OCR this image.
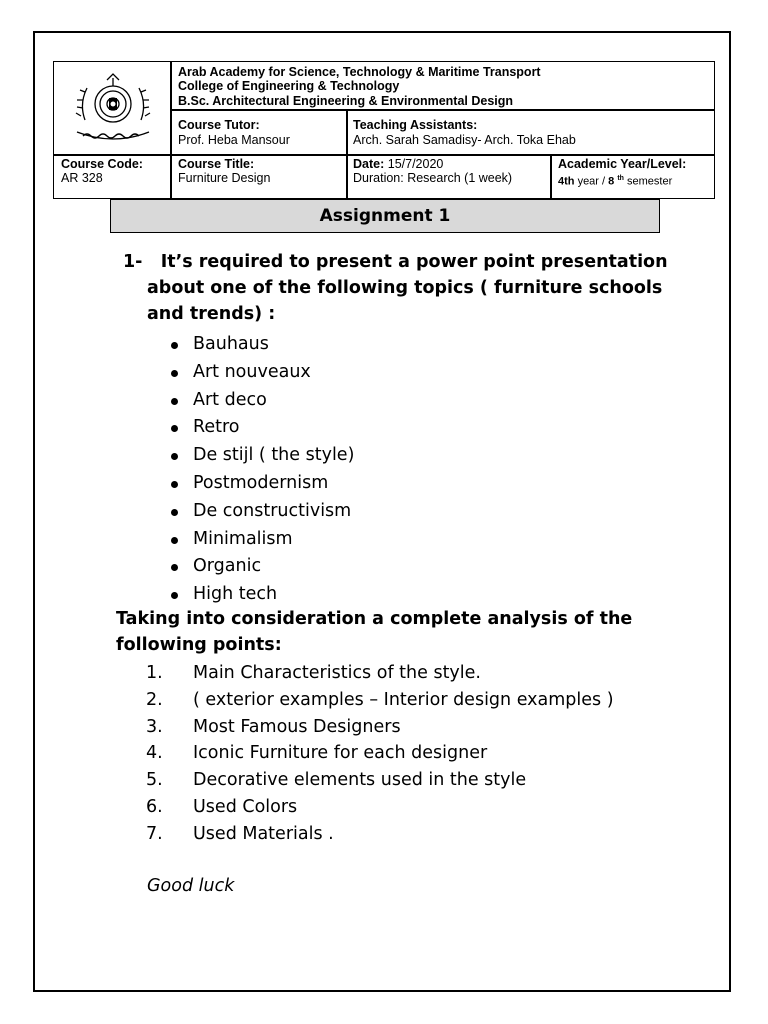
Arab Academy for Science, Technology & Maritime Transport
College of Engineering & Technology
B.Sc. Architectural Engineering & Environmental Design
Course Tutor:
Prof. Heba Mansour
Teaching Assistants:
Arch. Sarah Samadisy- Arch. Toka Ehab
Course Code:
AR 328
Course Title:
Furniture Design
Date: 15/7/2020
Duration: Research (1 week)
Academic Year/Level:
4th year / 8 $^{th}$ semester
Assignment 1
1- It’s required to present a power point presentation
about one of the following topics ( furniture schools
and trends) :
Bauhaus
Art nouveaux
Art deco
Retro
De stijl ( the style)
Postmodernism
De constructivism
Minimalism
Organic
High tech
Taking into consideration a complete analysis of the
following points:
1. Main Characteristics of the style.
2. ( exterior examples – Interior design examples )
3. Most Famous Designers
4. Iconic Furniture for each designer
5. Decorative elements used in the style
6. Used Colors
7. Used Materials .
Good luck
